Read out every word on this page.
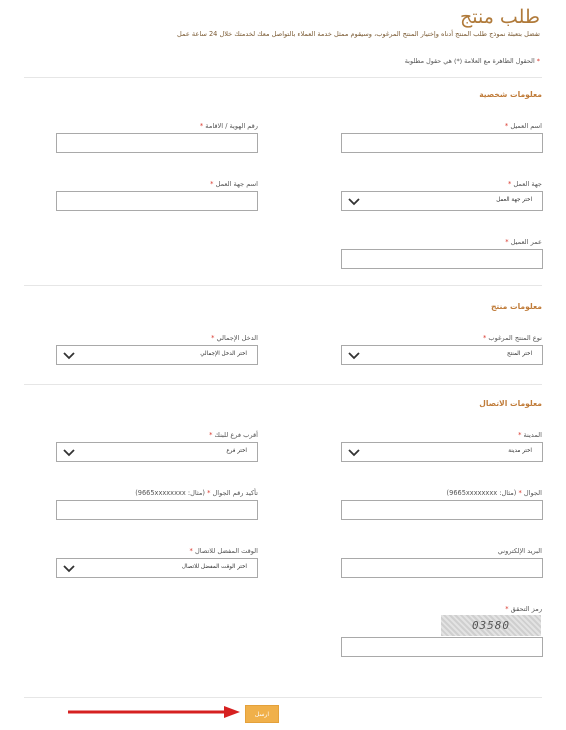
طلب منتج
تفضل بتعبئة نموذج طلب المنتج أدناه وإختيار المنتج المرغوب، وسيقوم ممثل خدمة العملاء بالتواصل معك لخدمتك خلال 24 ساعة عمل
* الحقول الظاهرة مع العلامة (*) هي حقول مطلوبة
معلومات شخصية
اسم العميل *
رقم الهوية / الاقامة *
جهة العمل *
اختر جهة العمل
اسم جهة العمل *
عمر العميل *
معلومات منتج
نوع المنتج المرغوب *
اختر المنتج
الدخل الإجمالي *
اختر الدخل الإجمالي
معلومات الاتصال
المدينة *
اختر مدينة
أقرب فرع للبنك *
اختر فرع
الجوال * (مثال: 9665xxxxxxxx)
تأكيد رقم الجوال * (مثال: 9665xxxxxxxx)
البريد الإلكتروني
الوقت المفضل للاتصال *
اختر الوقت المفضل للاتصال
رمز التحقق *
03580
ارسل
